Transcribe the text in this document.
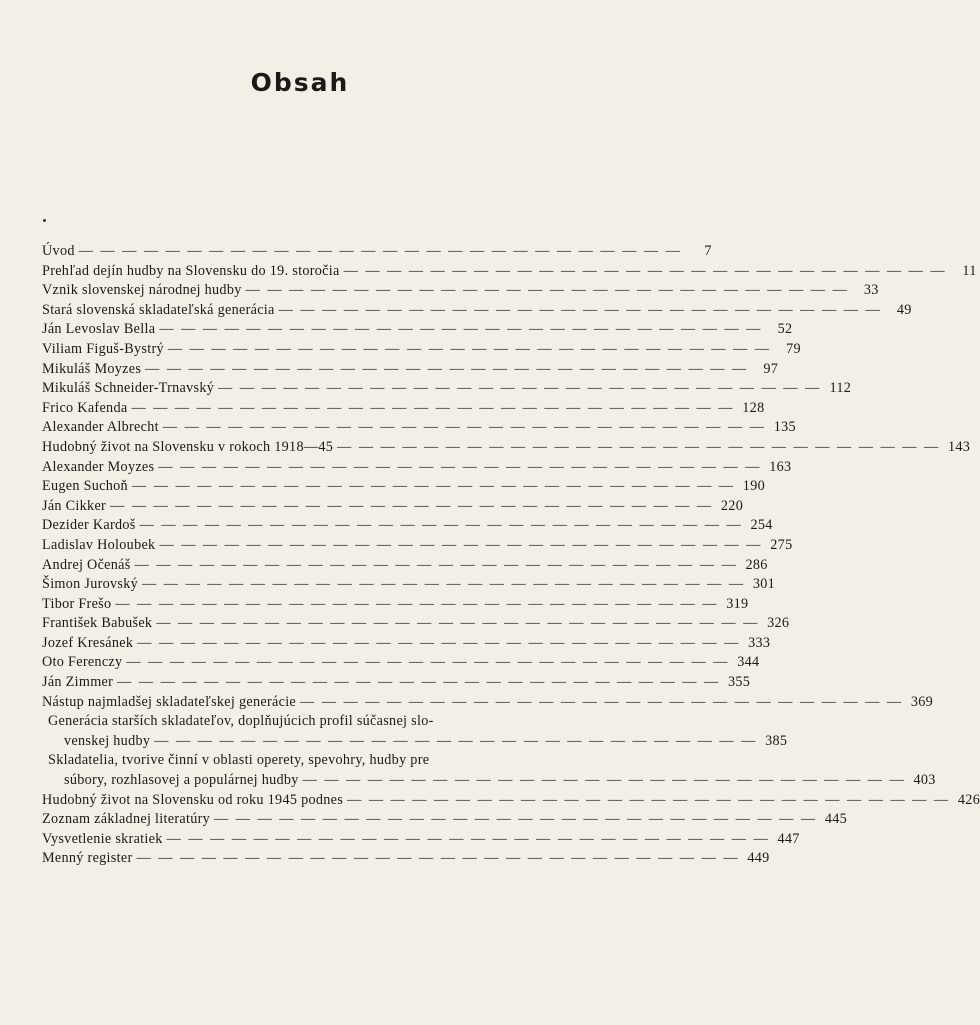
Obsah
Úvod — — — — — — — — — — — — — — — — — — — — — — — — — — — —	7
Prehľad dejín hudby na Slovensku do 19. storočia — — — — — — — — — — — — — — — — — — — — — — — — — — — —	11
Vznik slovenskej národnej hudby — — — — — — — — — — — — — — — — — — — — — — — — — — — —	33
Stará slovenská skladateľská generácia — — — — — — — — — — — — — — — — — — — — — — — — — — — —	49
Ján Levoslav Bella — — — — — — — — — — — — — — — — — — — — — — — — — — — —	52
Viliam Figuš-Bystrý — — — — — — — — — — — — — — — — — — — — — — — — — — — —	79
Mikuláš Moyzes — — — — — — — — — — — — — — — — — — — — — — — — — — — —	97
Mikuláš Schneider-Trnavský — — — — — — — — — — — — — — — — — — — — — — — — — — — — 112
Frico Kafenda — — — — — — — — — — — — — — — — — — — — — — — — — — — — 128
Alexander Albrecht — — — — — — — — — — — — — — — — — — — — — — — — — — — — 135
Hudobný život na Slovensku v rokoch 1918—45 — — — — — — — — — — — — — — — — — — — — — — — — — — — — 143
Alexander Moyzes — — — — — — — — — — — — — — — — — — — — — — — — — — — — 163
Eugen Suchoň — — — — — — — — — — — — — — — — — — — — — — — — — — — — 190
Ján Cikker — — — — — — — — — — — — — — — — — — — — — — — — — — — — 220
Dezider Kardoš — — — — — — — — — — — — — — — — — — — — — — — — — — — — 254
Ladislav Holoubek — — — — — — — — — — — — — — — — — — — — — — — — — — — — 275
Andrej Očenáš — — — — — — — — — — — — — — — — — — — — — — — — — — — — 286
Šimon Jurovský — — — — — — — — — — — — — — — — — — — — — — — — — — — — 301
Tibor Frešo — — — — — — — — — — — — — — — — — — — — — — — — — — — — 319
František Babušek — — — — — — — — — — — — — — — — — — — — — — — — — — — — 326
Jozef Kresánek — — — — — — — — — — — — — — — — — — — — — — — — — — — — 333
Oto Ferenczy — — — — — — — — — — — — — — — — — — — — — — — — — — — — 344
Ján Zimmer — — — — — — — — — — — — — — — — — — — — — — — — — — — — 355
Nástup najmladšej skladateľskej generácie — — — — — — — — — — — — — — — — — — — — — — — — — — — — 369
Generácia starších skladateľov, doplňujúcich profil súčasnej slo-
venskej hudby — — — — — — — — — — — — — — — — — — — — — — — — — — — — 385
Skladatelia, tvorive činní v oblasti operety, spevohry, hudby pre
súbory, rozhlasovej a populárnej hudby — — — — — — — — — — — — — — — — — — — — — — — — — — — — 403
Hudobný život na Slovensku od roku 1945 podnes — — — — — — — — — — — — — — — — — — — — — — — — — — — — 426
Zoznam základnej literatúry — — — — — — — — — — — — — — — — — — — — — — — — — — — — 445
Vysvetlenie skratiek — — — — — — — — — — — — — — — — — — — — — — — — — — — — 447
Menný register — — — — — — — — — — — — — — — — — — — — — — — — — — — — 449
